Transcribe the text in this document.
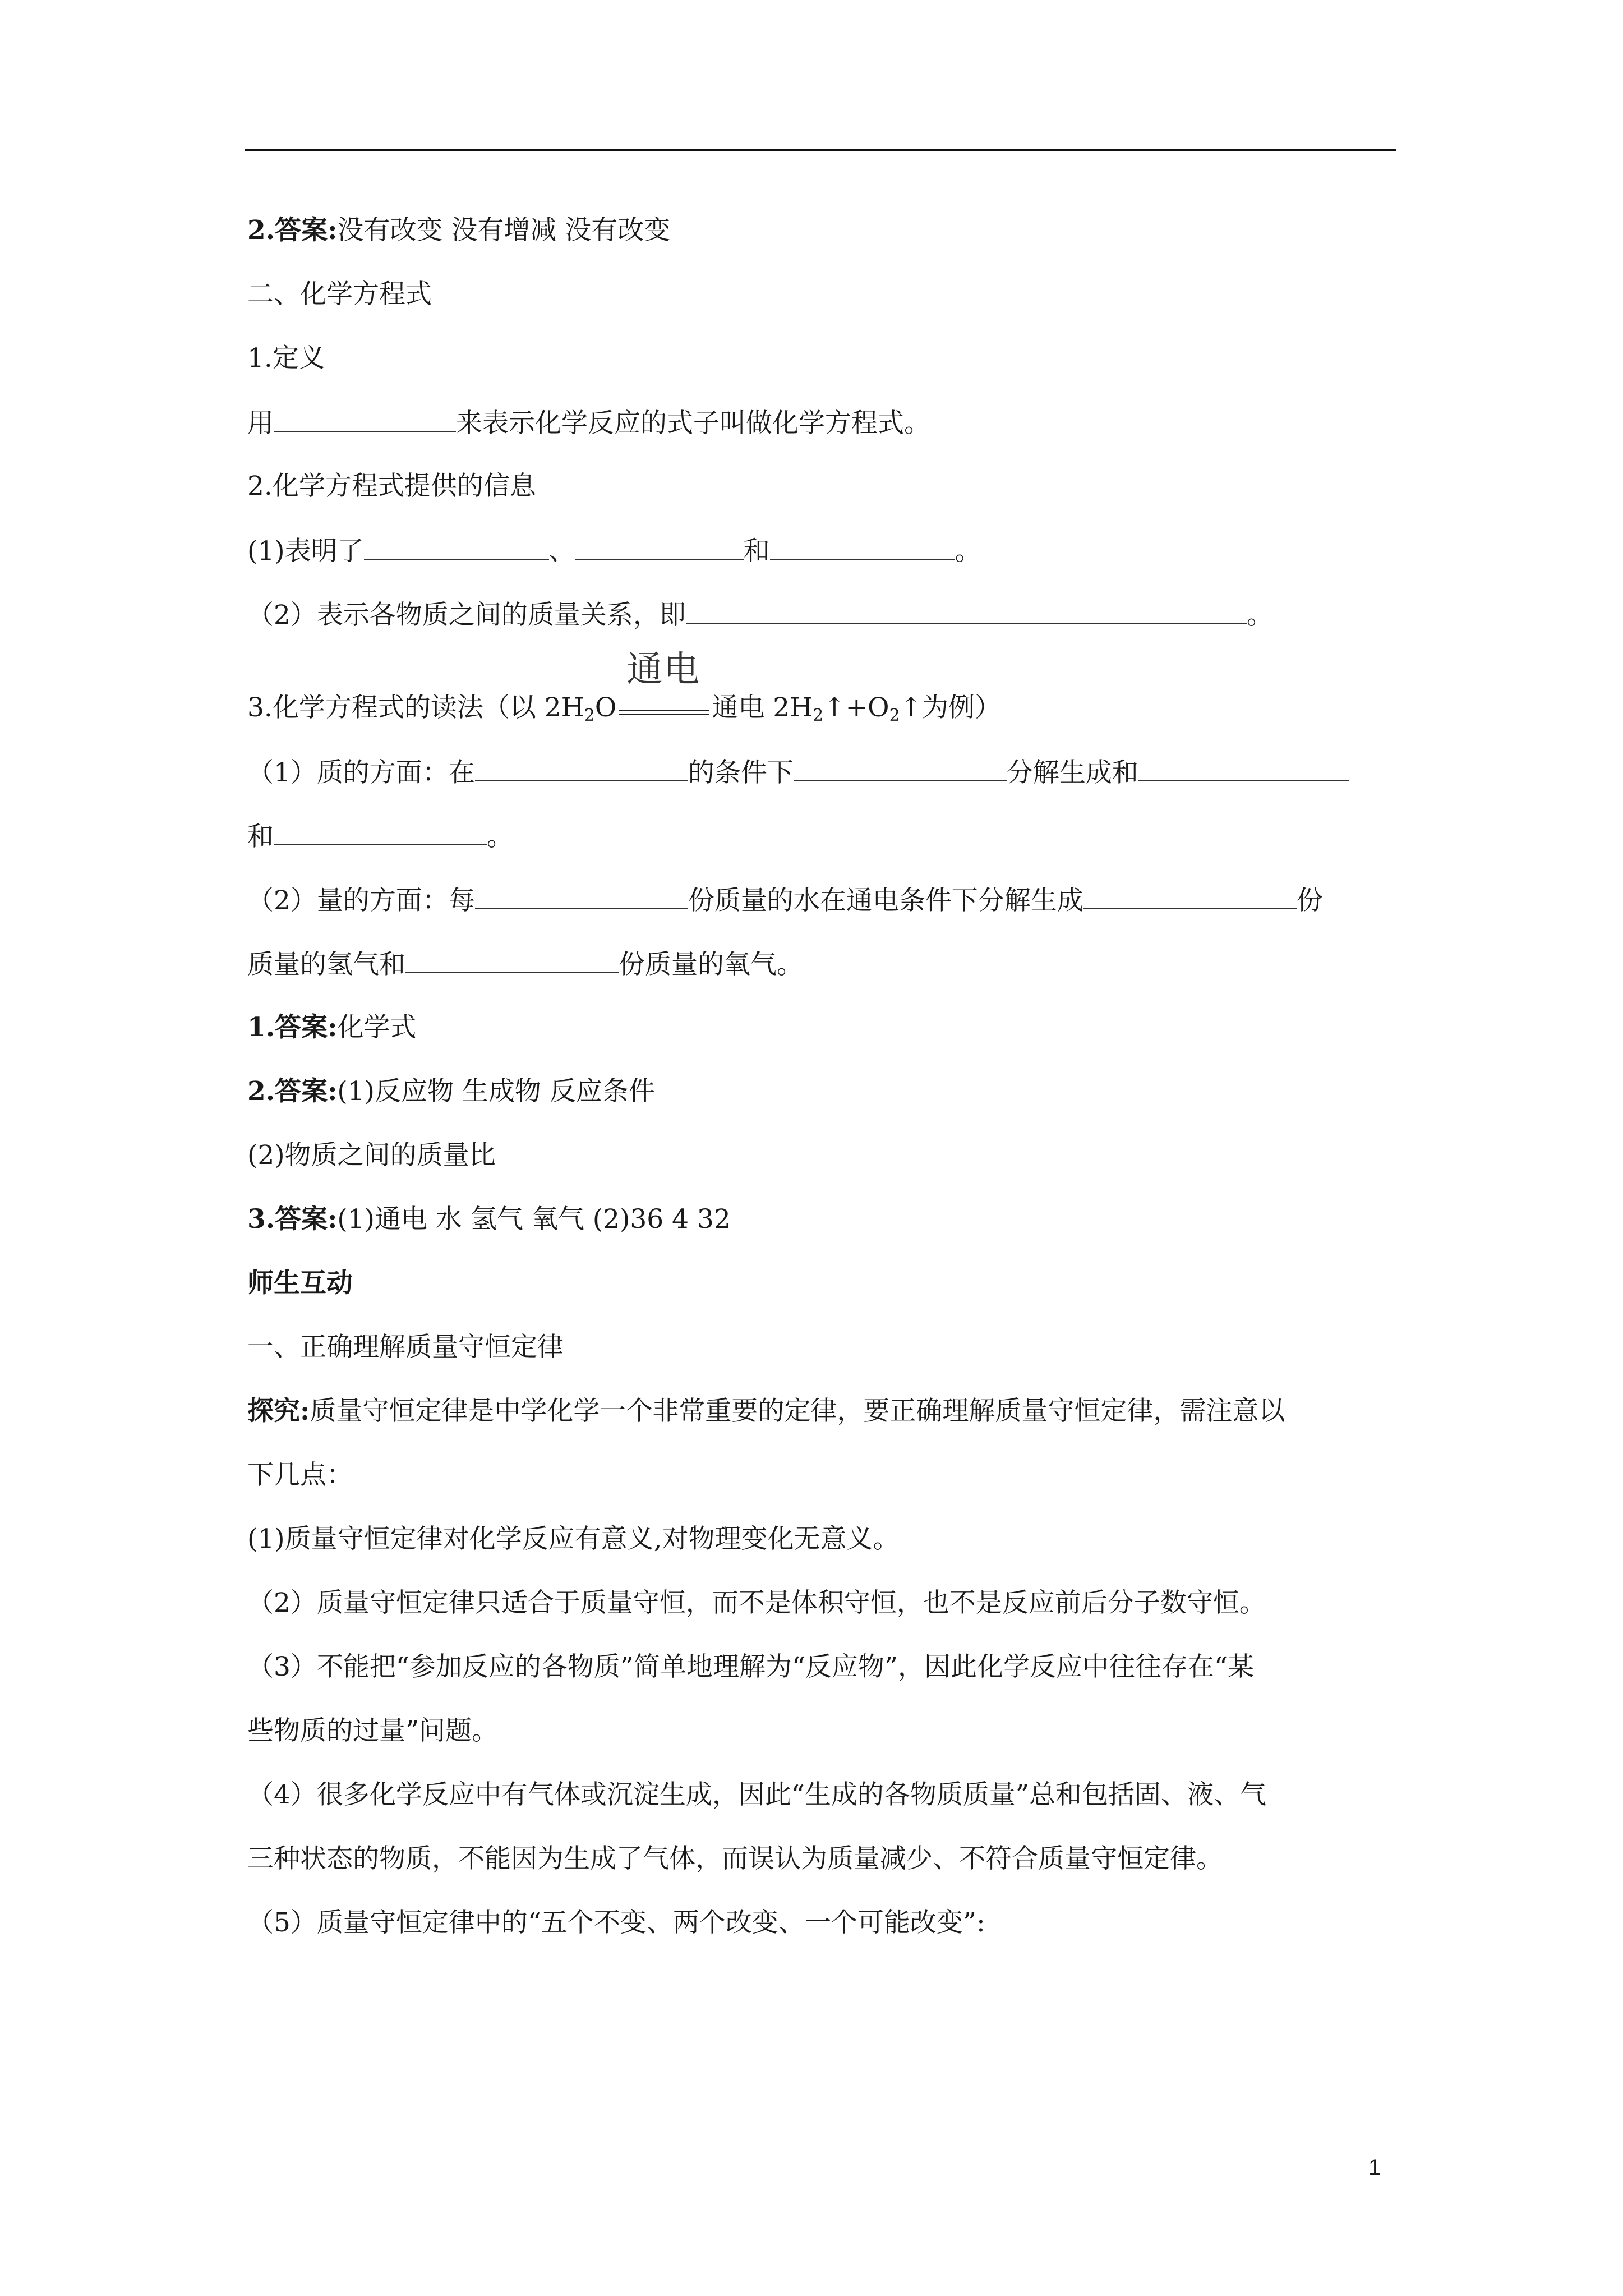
2.答案:没有改变 没有增减 没有改变
二、化学方程式
1.定义
用	来表示化学反应的式子叫做化学方程式。
2.化学方程式提供的信息
(1)表明了	、	和	。
（2）表示各物质之间的质量关系，即	。
3.化学方程式的读法（以 $2H_2O$
通电
通电 $2H_2↑+O_2↑$为例）
（1）质的方面：在	的条件下	分解生成和
和	。
（2）量的方面：每	份质量的水在通电条件下分解生成	份
质量的氢气和	份质量的氧气。
1.答案:化学式
2.答案:(1)反应物 生成物 反应条件
(2)物质之间的质量比
3.答案:(1)通电 水 氢气 氧气 (2)36 4 32
师生互动
一、正确理解质量守恒定律
探究:质量守恒定律是中学化学一个非常重要的定律，要正确理解质量守恒定律，需注意以
下几点：
(1)质量守恒定律对化学反应有意义,对物理变化无意义。
（2）质量守恒定律只适合于质量守恒，而不是体积守恒，也不是反应前后分子数守恒。
（3）不能把“参加反应的各物质”简单地理解为“反应物”，因此化学反应中往往存在“某
些物质的过量”问题。
（4）很多化学反应中有气体或沉淀生成，因此“生成的各物质质量”总和包括固、液、气
三种状态的物质，不能因为生成了气体，而误认为质量减少、不符合质量守恒定律。
（5）质量守恒定律中的“五个不变、两个改变、一个可能改变”:
1
